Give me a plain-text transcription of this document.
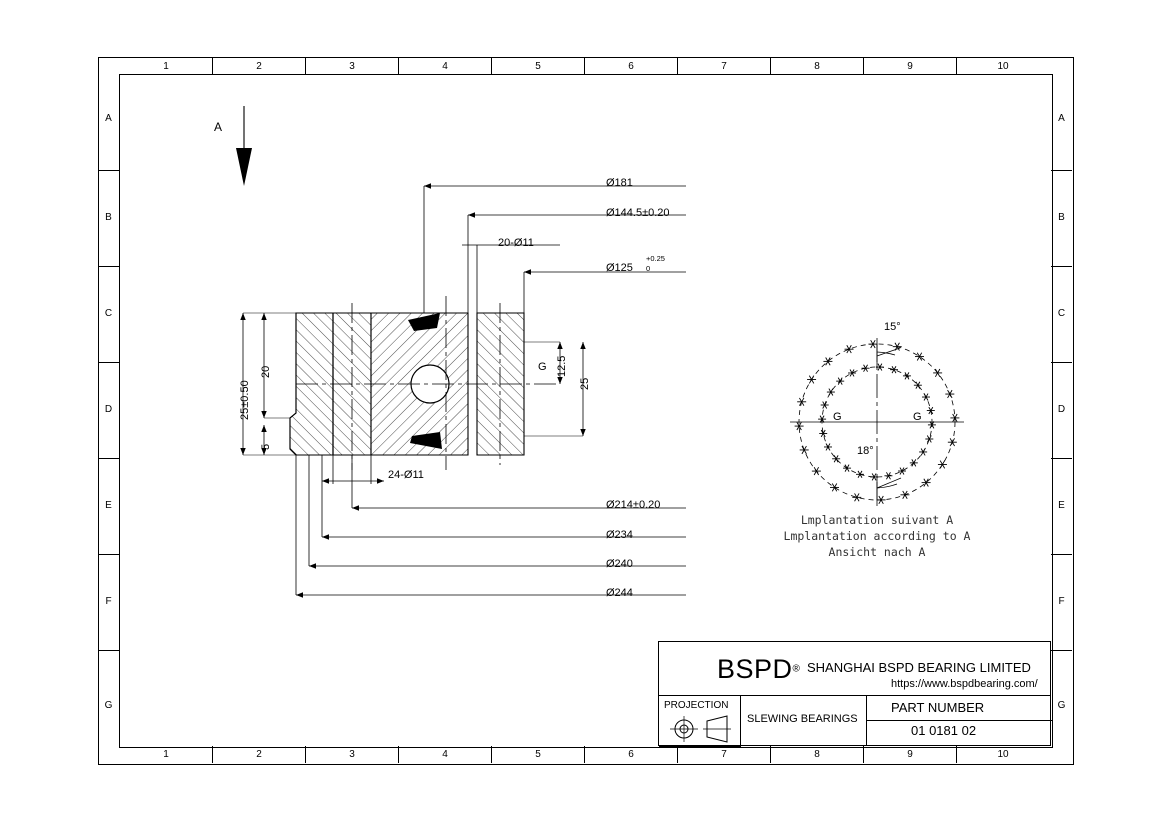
1	2	3	4	5	6	7	8	9	10
1	2	3	4	5	6	7	8	9	10
A
B
C
D
E
F
G
A
B
C
D
E
F
G
A
Ø181
Ø144.5±0.20
20-Ø11
Ø125
+0.25
0
24-Ø11
Ø214±0.20
Ø234
Ø240
Ø244
25±0.50
20
5
12.5
25
G
15°
18°
G	G
Lmplantation suivant A
Lmplantation according to A
Ansicht nach A
BSPD® SHANGHAI BSPD BEARING LIMITED
https://www.bspdbearing.com/
PROJECTION
SLEWING BEARINGS
PART NUMBER
01 0181 02
